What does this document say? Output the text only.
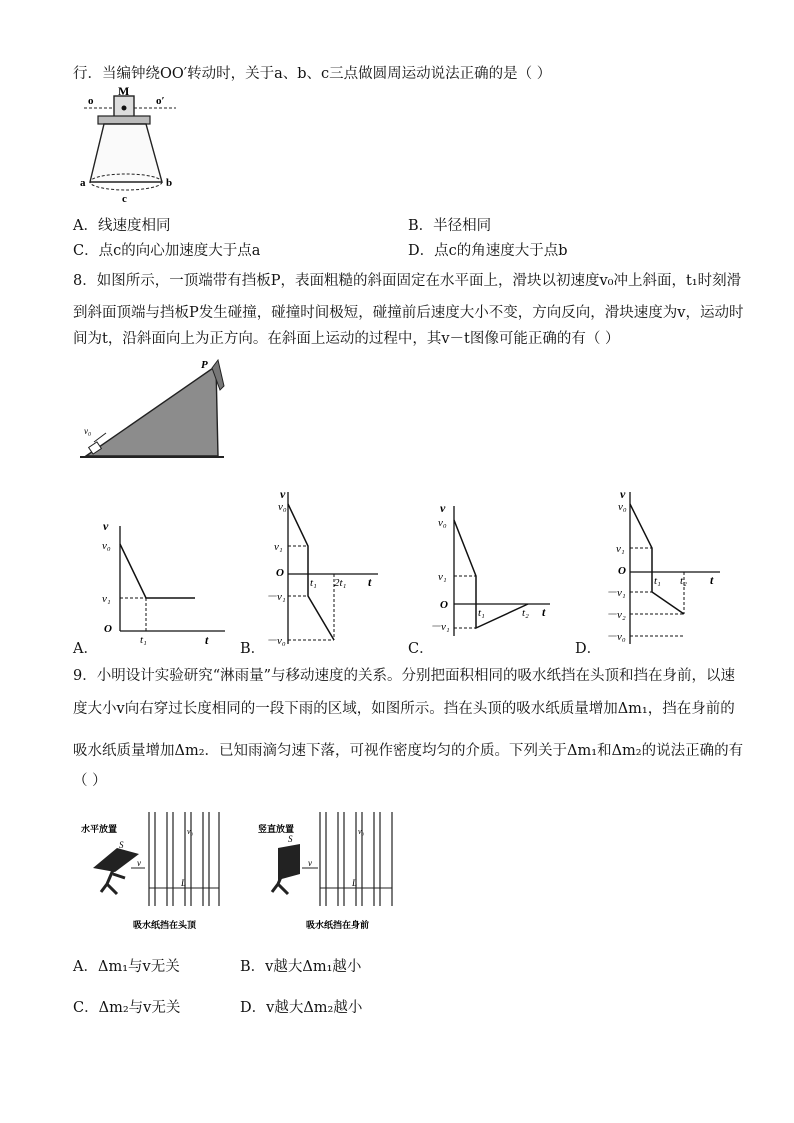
行．当编钟绕OO′转动时，关于a、b、c三点做圆周运动说法正确的是（ ）
o
M
o′
a	b
c
A．线速度相同	B．半径相同
C．点c的向心加速度大于点a	D．点c的角速度大于点b
8．如图所示，一顶端带有挡板P，表面粗糙的斜面固定在水平面上，滑块以初速度v₀冲上斜面，t₁时刻滑
到斜面顶端与挡板P发生碰撞，碰撞时间极短，碰撞前后速度大小不变，方向反向，滑块速度为v，运动时
间为t，沿斜面向上为正方向。在斜面上运动的过程中，其v－t图像可能正确的有（ ）
P
v₀
A．
v
v₀
v₁
O
t₁	t
B．
v
v₀
v₁
O
－v₁
－v₀
t₁ 2t₁ t
C．
v
v₀
v₁
O
－v₁
t₁	t₂ t
D．
v
v₀
v₁
O
－v₁
－v₂
－v₀
t₁ t₂ t
9．小明设计实验研究“淋雨量”与移动速度的关系。分别把面积相同的吸水纸挡在头顶和挡在身前，以速
度大小v向右穿过长度相同的一段下雨的区域，如图所示。挡在头顶的吸水纸质量增加Δm₁，挡在身前的
吸水纸质量增加Δm₂．已知雨滴匀速下落，可视作密度均匀的介质。下列关于Δm₁和Δm₂的说法正确的有
（ ）
水平放置
S
v
v₀
L
吸水纸挡在头顶
竖直放置
S
v
v₀
L
吸水纸挡在身前
A．Δm₁与v无关	B．v越大Δm₁越小
C．Δm₂与v无关	D．v越大Δm₂越小
